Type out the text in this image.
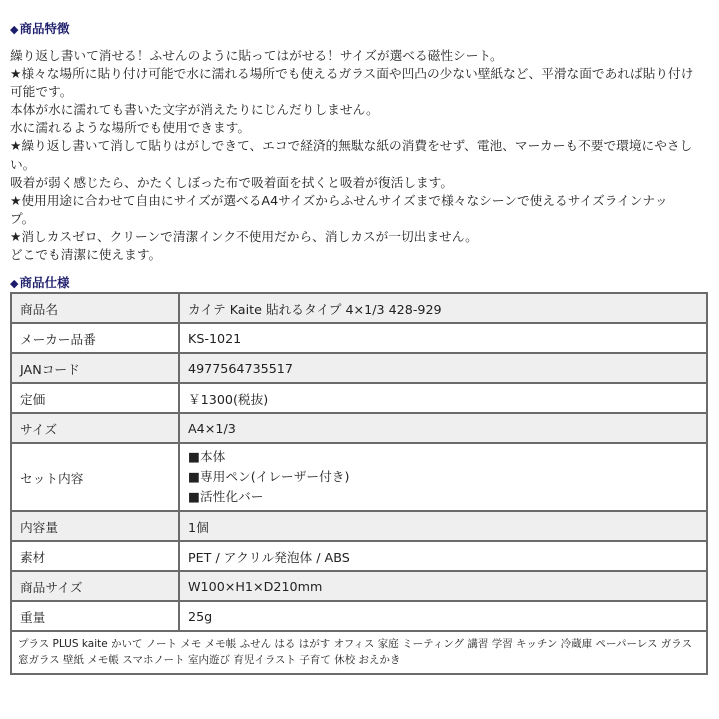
◆商品特徴
繰り返し書いて消せる！ふせんのように貼ってはがせる！サイズが選べる磁性シート。
★様々な場所に貼り付け可能で水に濡れる場所でも使えるガラス面や凹凸の少ない壁紙など、平滑な面であれば貼り付け
可能です。
本体が水に濡れても書いた文字が消えたりにじんだりしません。
水に濡れるような場所でも使用できます。
★繰り返し書いて消して貼りはがしできて、エコで経済的無駄な紙の消費をせず、電池、マーカーも不要で環境にやさし
い。
吸着が弱く感じたら、かたくしぼった布で吸着面を拭くと吸着が復活します。
★使用用途に合わせて自由にサイズが選べるA4サイズからふせんサイズまで様々なシーンで使えるサイズラインナッ
プ。
★消しカスゼロ、クリーンで清潔インク不使用だから、消しカスが一切出ません。
どこでも清潔に使えます。
◆商品仕様
商品名	カイテ Kaite 貼れるタイプ 4×1/3 428-929
メーカー品番	KS-1021
JANコード	4977564735517
定価	￥1300(税抜)
サイズ	A4×1/3
セット内容	■本体
■専用ペン(イレーザー付き)
■活性化バー

内容量	1個
素材	PET / アクリル発泡体 / ABS
商品サイズ	W100×H1×D210mm
重量	25g
プラス PLUS kaite かいて ノート メモ メモ帳 ふせん はる はがす オフィス 家庭 ミーティング 講習 学習 キッチン 冷蔵庫 ペーパーレス ガラス 窓ガラス 壁紙 メモ帳 スマホノート 室内遊び 育児イラスト 子育て 休校 おえかき
